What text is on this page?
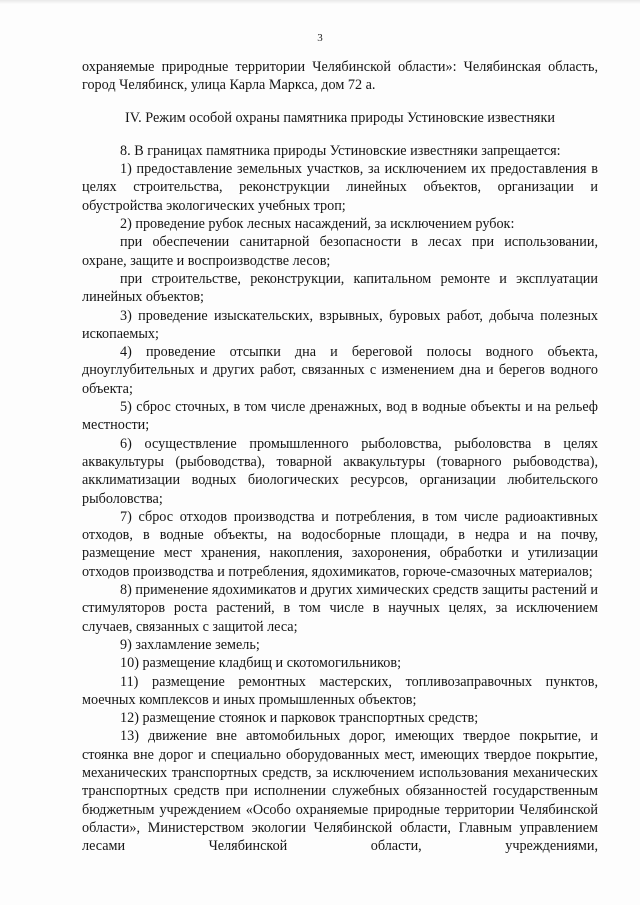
3

охраняемые природные территории Челябинской области»: Челябинская область, город Челябинск, улица Карла Маркса, дом 72 а.

IV. Режим особой охраны памятника природы Устиновские известняки

8. В границах памятника природы Устиновские известняки запрещается:

1) предоставление земельных участков, за исключением их предоставления в целях строительства, реконструкции линейных объектов, организации и обустройства экологических учебных троп;

2) проведение рубок лесных насаждений, за исключением рубок:

при обеспечении санитарной безопасности в лесах при использовании, охране, защите и воспроизводстве лесов;

при строительстве, реконструкции, капитальном ремонте и эксплуатации линейных объектов;

3) проведение изыскательских, взрывных, буровых работ, добыча полезных ископаемых;

4) проведение отсыпки дна и береговой полосы водного объекта, дноуглубительных и других работ, связанных с изменением дна и берегов водного объекта;

5) сброс сточных, в том числе дренажных, вод в водные объекты и на рельеф местности;

6) осуществление промышленного рыболовства, рыболовства в целях аквакультуры (рыбоводства), товарной аквакультуры (товарного рыбоводства), акклиматизации водных биологических ресурсов, организации любительского рыболовства;

7) сброс отходов производства и потребления, в том числе радиоактивных отходов, в водные объекты, на водосборные площади, в недра и на почву, размещение мест хранения, накопления, захоронения, обработки и утилизации отходов производства и потребления, ядохимикатов, горюче-смазочных материалов;

8) применение ядохимикатов и других химических средств защиты растений и стимуляторов роста растений, в том числе в научных целях, за исключением случаев, связанных с защитой леса;

9) захламление земель;

10) размещение кладбищ и скотомогильников;

11) размещение ремонтных мастерских, топливозаправочных пунктов, моечных комплексов и иных промышленных объектов;

12) размещение стоянок и парковок транспортных средств;

13) движение вне автомобильных дорог, имеющих твердое покрытие, и стоянка вне дорог и специально оборудованных мест, имеющих твердое покрытие, механических транспортных средств, за исключением использования механических транспортных средств при исполнении служебных обязанностей государственным бюджетным учреждением «Особо охраняемые природные территории Челябинской области», Министерством экологии Челябинской области, Главным управлением лесами Челябинской области, учреждениями,
